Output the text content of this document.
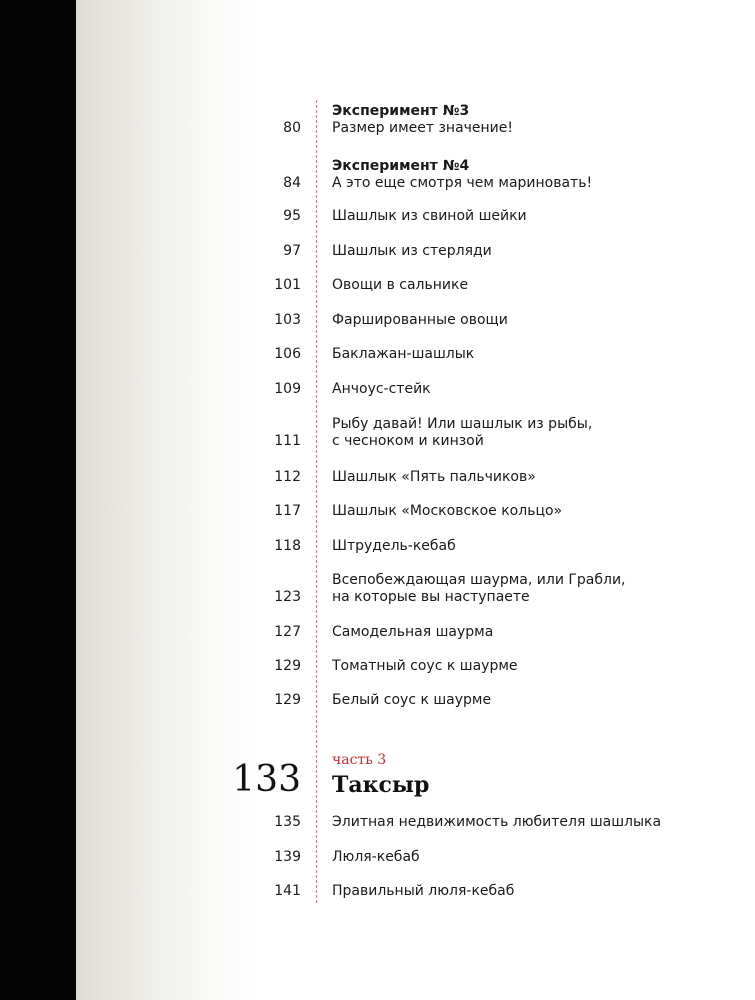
80
Эксперимент №3
Размер имеет значение!
84
Эксперимент №4
А это еще смотря чем мариновать!
95 Шашлык из свиной шейки
97 Шашлык из стерляди
101 Овощи в сальнике
103 Фаршированные овощи
106 Баклажан-шашлык
109 Анчоус-стейк
111
Рыбу давай! Или шашлык из рыбы,
с чесноком и кинзой
112 Шашлык «Пять пальчиков»
117 Шашлык «Московское кольцо»
118 Штрудель-кебаб
123
Всепобеждающая шаурма, или Грабли,
на которые вы наступаете
127 Самодельная шаурма
129 Томатный соус к шаурме
129 Белый соус к шаурме
135 Элитная недвижимость любителя шашлыка
139 Люля-кебаб
141 Правильный люля-кебаб
133 часть 3
Таксыр
